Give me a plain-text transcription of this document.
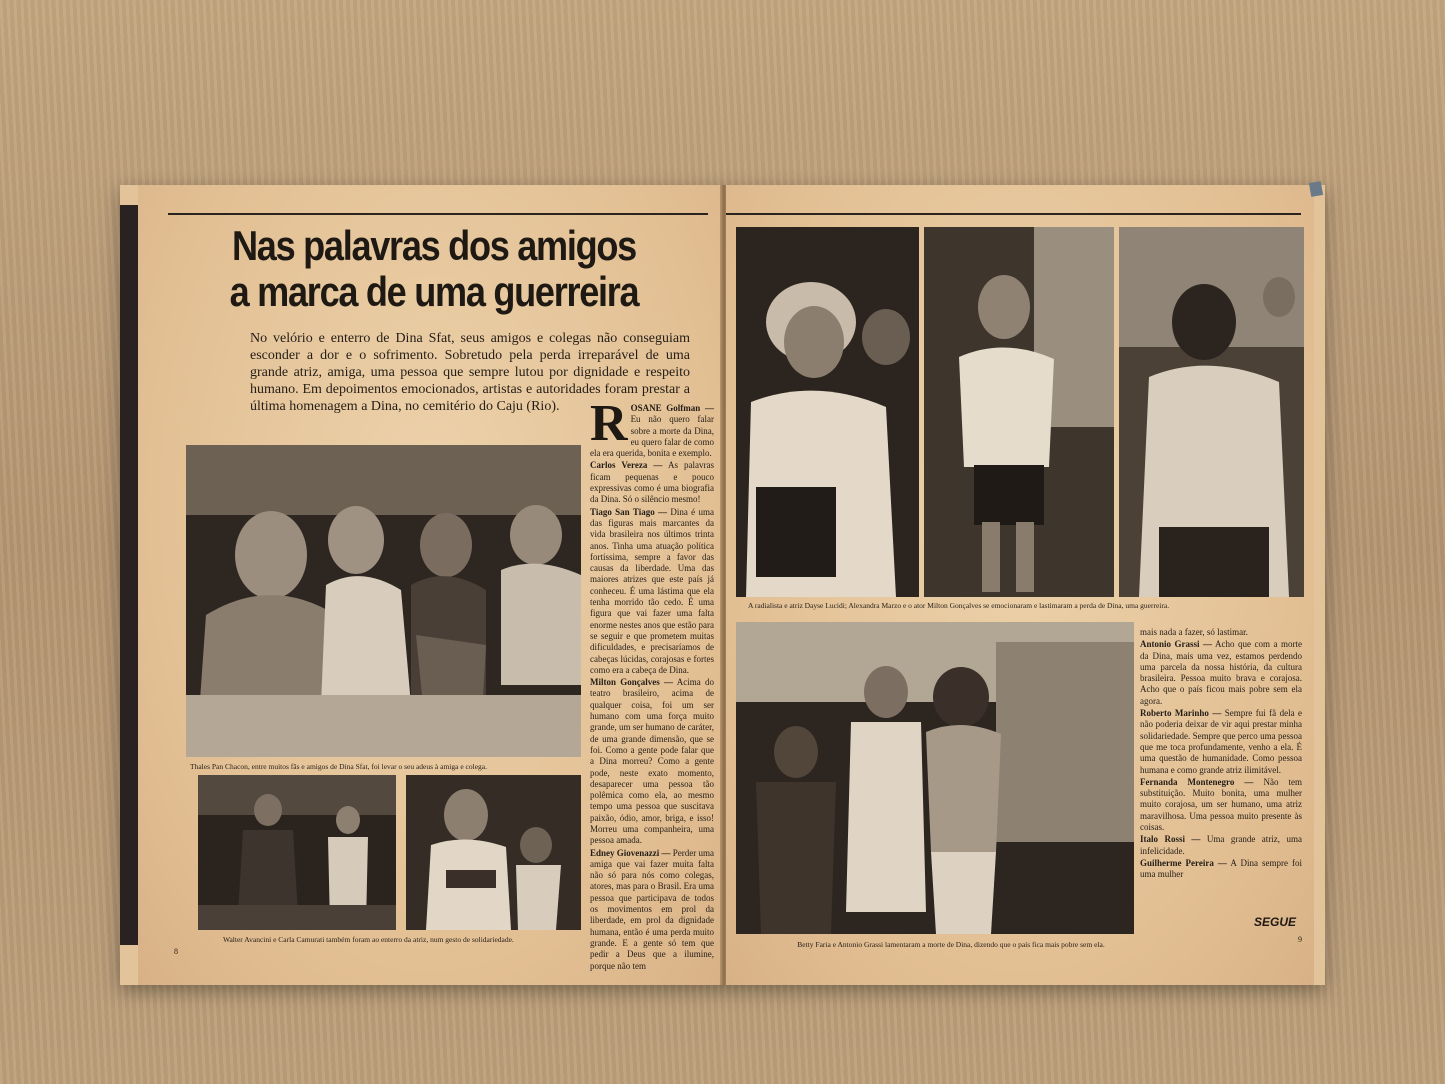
Nas palavras dos amigos
a marca de uma guerreira

No velório e enterro de Dina Sfat, seus amigos e colegas não conseguiam esconder a dor e o sofrimento. Sobretudo pela perda irreparável de uma grande atriz, amiga, uma pessoa que sempre lutou por dignidade e respeito humano. Em depoimentos emocionados, artistas e autoridades foram prestar a última homenagem a Dina, no cemitério do Caju (Rio).

Thales Pan Chacon, entre muitos fãs e amigos de Dina Sfat, foi levar o seu adeus à amiga e colega.
Walter Avancini e Carla Camurati também foram ao enterro da atriz, num gesto de solidariedade.
R OSANE Golfman — Eu não quero falar sobre a morte da Dina, eu quero falar de como ela era querida, bonita e exemplo.
Carlos Vereza — As palavras ficam pequenas e pouco expressivas como é uma biografia da Dina. Só o silêncio mesmo!
Tiago San Tiago — Dina é uma das figuras mais marcantes da vida brasileira nos últimos trinta anos. Tinha uma atuação política fortíssima, sempre a favor das causas da liberdade. Uma das maiores atrizes que este país já conheceu. É uma lástima que ela tenha morrido tão cedo. É uma figura que vai fazer uma falta enorme nestes anos que estão para se seguir e que prometem muitas dificuldades, e precisaríamos de cabeças lúcidas, corajosas e fortes como era a cabeça de Dina.
Milton Gonçalves — Acima do teatro brasileiro, acima de qualquer coisa, foi um ser humano com uma força muito grande, um ser humano de caráter, de uma grande dimensão, que se foi. Como a gente pode falar que a Dina morreu? Como a gente pode, neste exato momento, desaparecer uma pessoa tão polêmica como ela, ao mesmo tempo uma pessoa que suscitava paixão, ódio, amor, briga, e isso! Morreu uma companheira, uma pessoa amada.
Edney Giovenazzi — Perder uma amiga que vai fazer muita falta não só para nós como colegas, atores, mas para o Brasil. Era uma pessoa que participava de todos os movimentos em prol da liberdade, em prol da dignidade humana, então é uma perda muito grande. E a gente só tem que pedir a Deus que a ilumine, porque não tem
8
A radialista e atriz Dayse Lucidi; Alexandra Marzo e o ator Milton Gonçalves se emocionaram e lastimaram a perda de Dina, uma guerreira.
Betty Faria e Antonio Grassi lamentaram a morte de Dina, dizendo que o país fica mais pobre sem ela.
mais nada a fazer, só lastimar.
Antonio Grassi — Acho que com a morte da Dina, mais uma vez, estamos perdendo uma parcela da nossa história, da cultura brasileira. Pessoa muito brava e corajosa. Acho que o país ficou mais pobre sem ela agora.
Roberto Marinho — Sempre fui fã dela e não poderia deixar de vir aqui prestar minha solidariedade. Sempre que perco uma pessoa que me toca profundamente, venho a ela. É uma questão de humanidade. Como pessoa humana e como grande atriz ilimitável.
Fernanda Montenegro — Não tem substituição. Muito bonita, uma mulher muito corajosa, um ser humano, uma atriz maravilhosa. Uma pessoa muito presente às coisas.
Italo Rossi — Uma grande atriz, uma infelicidade.
Guilherme Pereira — A Dina sempre foi uma mulher
SEGUE
9
